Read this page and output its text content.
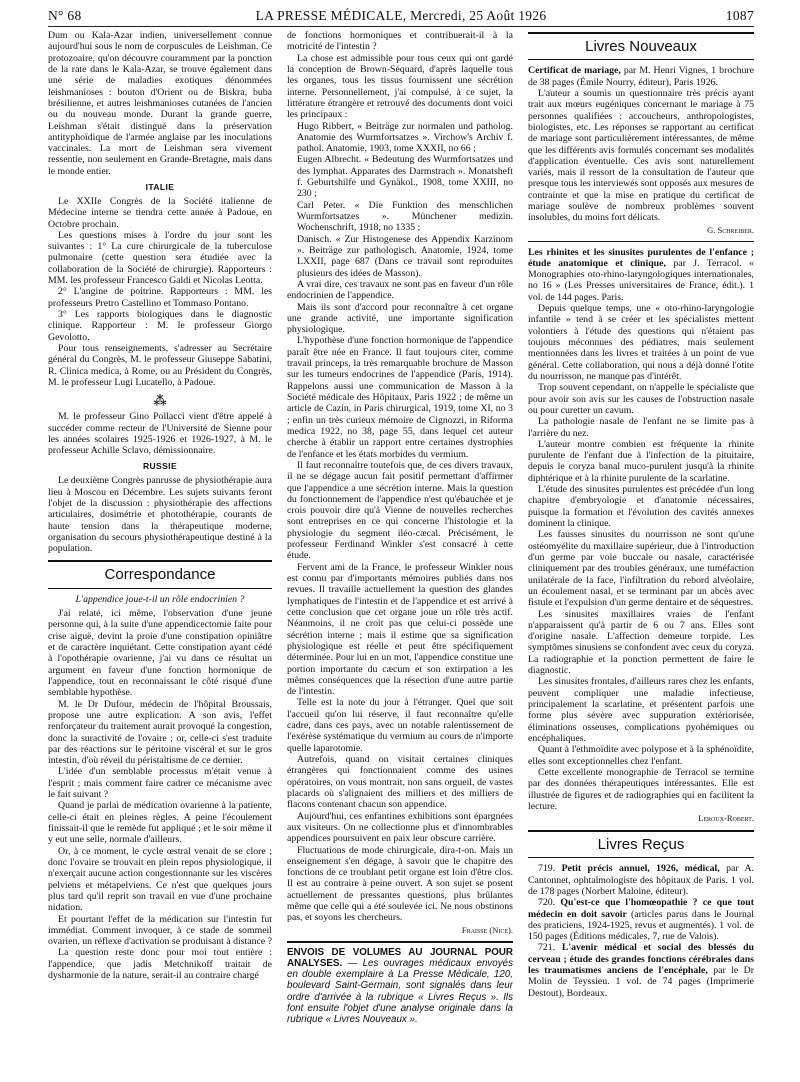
N° 68	LA PRESSE MÉDICALE, Mercredi, 25 Août 1926	1087

Dum ou Kala-Azar indien, universellement connue aujourd'hui sous le nom de corpuscules de Leishman. Ce protozoaire, qu'on découvre couramment par la ponction de la rate dans le Kala-Azar, se trouve également dans une série de maladies exotiques dénommées leishmanioses : bouton d'Orient ou de Biskra, buba brésilienne, et autres leishmanioses cutanées de l'ancien ou du nouveau monde. Durant la grande guerre, Leishman s'était distingué dans la préservation antityphoïdique de l'armée anglaise par les inoculations vaccinales. La mort de Leishman sera vivement ressentie, non seulement en Grande-Bretagne, mais dans le monde entier.

ITALIE

Le XXIIe Congrès de la Société italienne de Médecine interne se tiendra cette année à Padoue, en Octobre prochain.

Les questions mises à l'ordre du jour sont les suivantes : 1° La cure chirurgicale de la tuberculose pulmonaire (cette question sera étudiée avec la collaboration de la Société de chirurgie). Rapporteurs : MM. les professeur Francesco Galdi et Nicolas Leotta.

2° L'angine de poitrine. Rapporteurs : MM. les professeurs Pretro Castellino et Tommaso Pontano.

3° Les rapports biologiques dans le diagnostic clinique. Rapporteur : M. le professeur Giorgo Gevolotto.

Pour tous renseignements, s'adresser au Secrétaire général du Congrès, M. le professeur Giuseppe Sabatini, R. Clinica medica, à Rome, ou au Président du Congrès, M. le professeur Lugi Lucatello, à Padoue.

⁂

M. le professeur Gino Pollacci vient d'être appelé à succéder comme recteur de l'Université de Sienne pour les années scolaires 1925-1926 et 1926-1927, à M. le professeur Achille Sclavo, démissionnaire.

RUSSIE

Le deuxième Congrès panrusse de physiothérapie aura lieu à Moscou en Décembre. Les sujets suivants feront l'objet de la discussion : physiothérapie des affections articulaires, dosimétrie et photothérapie, courants de haute tension dans la thérapeutique moderne, organisation du secours physiothérapeutique destiné à la population.

Correspondance
L'appendice joue-t-il un rôle endocrinien ?

J'ai relaté, ici même, l'observation d'une jeune personne qui, à la suite d'une appendicectomie faite pour crise aiguë, devint la proie d'une constipation opiniâtre et de caractère inquiétant. Cette constipation ayant cédé à l'opothérapie ovarienne, j'ai vu dans ce résultat un argument en faveur d'une fonction hormonique de l'appendice, tout en reconnaissant le côté risqué d'une semblable hypothèse.

M. le Dr Dufour, médecin de l'hôpital Broussais, propose une autre explication. A son avis, l'effet renforçateur du traitement aurait provoqué la congestion, donc la suractivité de l'ovaire ; or, celle-ci s'est traduite par des réactions sur le péritoine viscéral et sur le gros intestin, d'où réveil du péristaltisme de ce dernier.

L'idée d'un semblable processus m'était venue à l'esprit ; mais comment faire cadrer ce mécanisme avec le fait suivant ?

Quand je parlai de médication ovarienne à la patiente, celle-ci était en pleines règles. A peine l'écoulement finissait-il que le remède fut appliqué ; et le soir même il y eut une selle, normale d'ailleurs.

Or, à ce moment, le cycle œstral venait de se clore ; donc l'ovaire se trouvait en plein repos physiologique, il n'exerçait aucune action congestionnante sur les viscères pelviens et métapelviens. Ce n'est que quelques jours plus tard qu'il reprit son travail en vue d'une prochaine nidation.

Et pourtant l'effet de la médication sur l'intestin fut immédiat. Comment invoquer, à ce stade de sommeil ovarien, un réflexe d'activation se produisant à distance ?

La question reste donc pour moi tout entière : l'appendice, que jadis Metchnikoff traitait de dysharmonie de la nature, serait-il au contraire chargé

de fonctions hormoniques et contribuerait-il à la motricité de l'intestin ?

La chose est admissible pour tous ceux qui ont gardé la conception de Brown-Séquard, d'après laquelle tous les organes, tous les tissus fournissent une sécrétion interne. Personnellement, j'ai compulsé, à ce sujet, la littérature étrangère et retrouvé des documents dont voici les principaux :

Hugo Ribbert, « Beiträge zur normalen und patholog. Anatomie des Wurmfortsatzes ». Virchow's Archiv f. pathol. Anatomie, 1903, tome XXXII, no 66 ;

Eugen Albrecht. « Bedeutung des Wurmfortsatzes und des lymphat. Apparates des Darmstrach ». Monatsheft f. Geburtshilfe und Gynäkol., 1908, tome XXIII, no 230 ;

Carl Peter. « Die Funktion des menschlichen Wurmfortsatzes ». Münchener medizin. Wochenschrift, 1918, no 1335 ;

Danisch. « Zur Histogenese des Appendix Karzinom ». Beiträge zur pathologisch. Anatomie, 1924, tome LXXII, page 687 (Dans ce travail sont reproduites plusieurs des idées de Masson).

A vrai dire, ces travaux ne sont pas en faveur d'un rôle endocrinien de l'appendice.

Mais ils sont d'accord pour reconnaître à cet organe une grande activité, une importante signification physiologique.

L'hypothèse d'une fonction hormonique de l'appendice paraît être née en France. Il faut toujours citer, comme travail princeps, la très remarquable brochure de Masson sur les tumeurs endocrines de l'appendice (Paris, 1914). Rappelons aussi une communication de Masson à la Société médicale des Hôpitaux, Paris 1922 ; de même un article de Cazin, in Paris chirurgical, 1919, tome XI, no 3 ; enfin un très curieux mémoire de Cignozzi, in Riforma medica 1922, no 38, page 55, dans lequel cet auteur cherche à établir un rapport entre certaines dystrophies de l'enfance et les états morbides du vermium.

Il faut reconnaître toutefois que, de ces divers travaux, il ne se dégage aucun fait positif permettant d'affirmer que l'appendice a une sécrétion interne. Mais la question du fonctionnement de l'appendice n'est qu'ébauchée et je crois pouvoir dire qu'à Vienne de nouvelles recherches sont entreprises en ce qui concerne l'histologie et la physiologie du segment iléo-cæcal. Précisément, le professeur Ferdinand Winkler s'est consacré à cette étude.

Fervent ami de la France, le professeur Winkler nous est connu par d'importants mémoires publiés dans nos revues. Il travaille actuellement la question des glandes lymphatiques de l'intestin et de l'appendice et est arrivé à cette conclusion que cet organe joue un rôle très actif. Néanmoins, il ne croit pas que celui-ci possède une sécrétion interne ; mais il estime que sa signification physiologique est réelle et peut être spécifiquement déterminée. Pour lui en un mot, l'appendice constitue une portion importante du cæcum et son extirpation a les mêmes conséquences que la résection d'une autre partie de l'intestin.

Telle est la note du jour à l'étranger. Quel que soit l'accueil qu'on lui réserve, il faut reconnaître qu'elle cadre, dans ces pays, avec un notable ralentissement de l'exérèse systématique du vermium au cours de n'importe quelle laparotomie.

Autrefois, quand on visitait certaines cliniques étrangères qui fonctionnaient comme des usines opératoires, on vous montrait, non sans orgueil, de vastes placards où s'alignaient des milliers et des milliers de flacons contenant chacun son appendice.

Aujourd'hui, ces enfantines exhibitions sont épargnées aux visiteurs. On ne collectionne plus et d'innombrables appendices poursuivent en paix leur obscure carrière.

Fluctuations de mode chirurgicale, dira-t-on. Mais un enseignement s'en dégage, à savoir que le chapitre des fonctions de ce troublant petit organe est loin d'être clos. Il est au contraire à peine ouvert. A son sujet se posent actuellement de pressantes questions, plus brûlantes même que celle qui a été soulevée ici. Ne nous obstinons pas, et soyons les chercheurs.

Fraisse (Nice).

ENVOIS DE VOLUMES AU JOURNAL POUR ANALYSES. — Les ouvrages médicaux envoyés en double exemplaire à La Presse Médicale, 120, boulevard Saint-Germain, sont signalés dans leur ordre d'arrivée à la rubrique « Livres Reçus ». Ils font ensuite l'objet d'une analyse originale dans la rubrique « Livres Nouveaux ».

Livres Nouveaux

Certificat de mariage, par M. Henri Vignes, 1 brochure de 38 pages (Émile Nourry, éditeur), Paris 1926.

L'auteur a soumis un questionnaire très précis ayant trait aux mœurs eugéniques concernant le mariage à 75 personnes qualifiées : accoucheurs, anthropologistes, biologistes, etc. Les réponses se rapportant au certificat de mariage sont particulièrement intéressantes, de même que les différents avis formulés concernant ses modalités d'application éventuelle. Ces avis sont naturellement variés, mais il ressort de la consultation de l'auteur que presque tous les interviewés sont opposés aux mesures de contrainte et que la mise en pratique du certificat de mariage soulève de nombreux problèmes souvent insolubles, du moins fort délicats.

G. Schreiber.

Les rhinites et les sinusites purulentes de l'enfance ; étude anatomique et clinique, par J. Terracol. « Monographies oto-rhino-laryngologiques internationales, no 16 » (Les Presses universitaires de France, édit.). 1 vol. de 144 pages. Paris.

Depuis quelque temps, une « oto-rhino-laryngologie infantile » tend à se créer et les spécialistes mettent volontiers à l'étude des questions qui n'étaient pas toujours méconnues des pédiatres, mais seulement mentionnées dans les livres et traitées à un point de vue général. Cette collaboration, qui nous a déjà donné l'otite du nourrisson, ne manque pas d'intérêt.

Trop souvent cependant, on n'appelle le spécialiste que pour avoir son avis sur les causes de l'obstruction nasale ou pour curetter un cavum.

La pathologie nasale de l'enfant ne se limite pas à l'arrière du nez.

L'auteur montre combien est fréquente la rhinite purulente de l'enfant due à l'infection de la pituitaire, depuis le coryza banal muco-purulent jusqu'à la rhinite diphtérique et à la rhinite purulente de la scarlatine.

L'étude des sinusites purulentes est précédée d'un long chapitre d'embryologie et d'anatomie nécessaires, puisque la formation et l'évolution des cavités annexes dominent la clinique.

Les fausses sinusites du nourrisson ne sont qu'une ostéomyélite du maxillaire supérieur, due à l'introduction d'un germe par voie buccale ou nasale, caractérisée cliniquement par des troubles généraux, une tuméfaction unilatérale de la face, l'infiltration du rebord alvéolaire, un écoulement nasal, et se terminant par un abcès avec fistule et l'expulsion d'un germe dentaire et de séquestres.

Les sinusites maxillaires vraies de l'enfant n'apparaissent qu'à partir de 6 ou 7 ans. Elles sont d'origine nasale. L'affection demeure torpide. Les symptômes sinusiens se confondent avec ceux du coryza. La radiographie et la ponction permettent de faire le diagnostic.

Les sinusites frontales, d'ailleurs rares chez les enfants, peuvent compliquer une maladie infectieuse, principalement la scarlatine, et présentent parfois une forme plus sévère avec suppuration extériorisée, éliminations osseuses, complications pyohémiques ou encéphaliques.

Quant à l'ethmoïdite avec polypose et à la sphénoïdite, elles sont exceptionnelles chez l'enfant.

Cette excellente monographie de Terracol se termine par des données thérapeutiques intéressantes. Elle est illustrée de figures et de radiographies qui en facilitent la lecture.

Leroux-Robert.
Livres Reçus

719. Petit précis annuel, 1926, médical, par A. Cantonnet, ophtalmologiste des hôpitaux de Paris. 1 vol. de 178 pages (Norbert Maloine, éditeur).

720. Qu'est-ce que l'homœopathie ? ce que tout médecin en doit savoir (articles parus dans le Journal des praticiens, 1924-1925, revus et augmentés). 1 vol. de 150 pages (Éditions médicales, 7, rue de Valois).

721. L'avenir médical et social des blessés du cerveau ; étude des grandes fonctions cérébrales dans les traumatismes anciens de l'encéphale, par le Dr Molin de Teyssieu. 1 vol. de 74 pages (Imprimerie Destout), Bordeaux.
